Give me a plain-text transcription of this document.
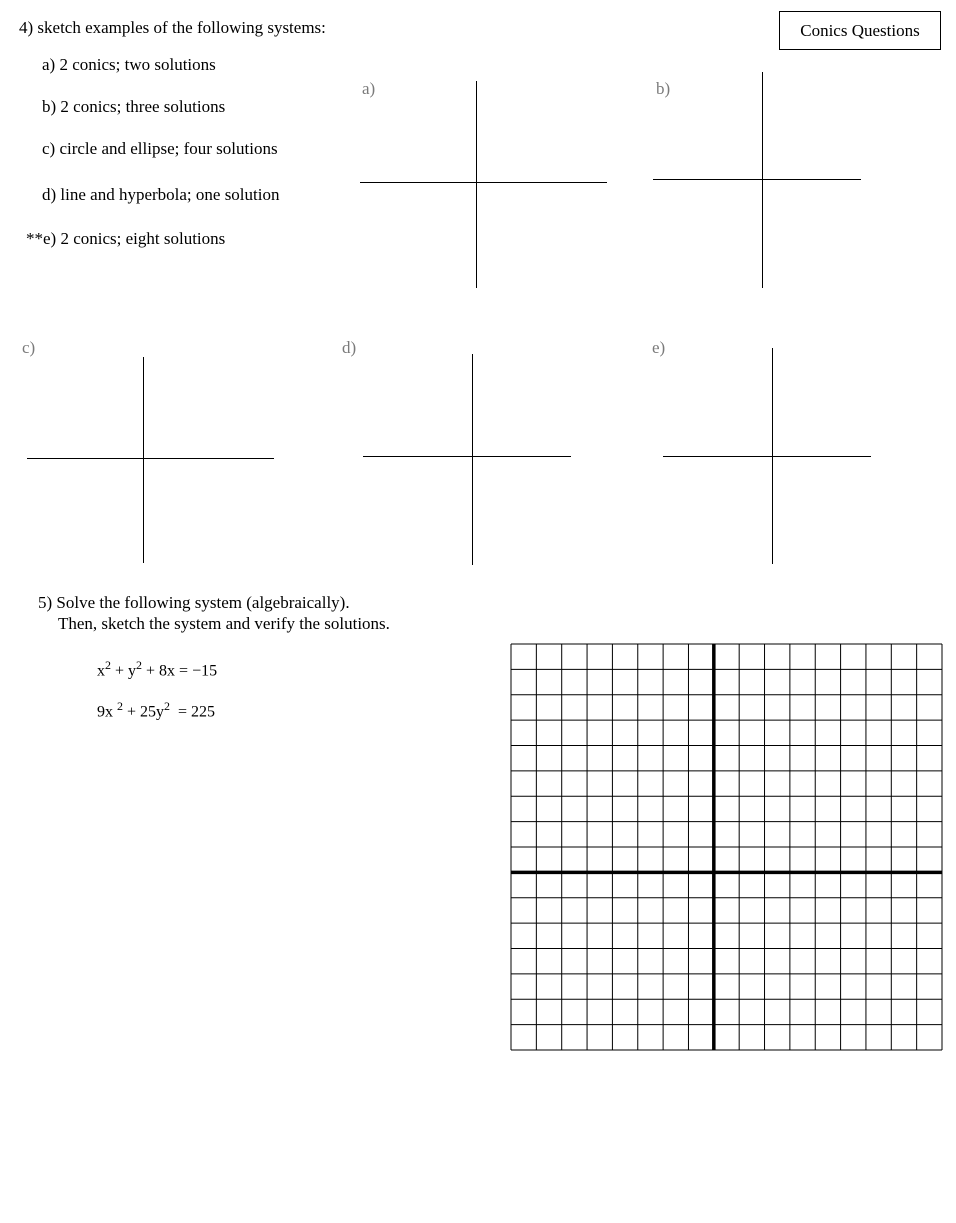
Conics Questions
4) sketch examples of the following systems:
a) 2 conics; two solutions
b) 2 conics; three solutions
c) circle and ellipse; four solutions
d) line and hyperbola; one solution
**e) 2 conics; eight solutions
a)	b)
c)	d)	e)
5) Solve the following system (algebraically).
Then, sketch the system and verify the solutions.
$x^2 + y^2 + 8x = -15$
9x $^2 + 25y^2 = 225$
